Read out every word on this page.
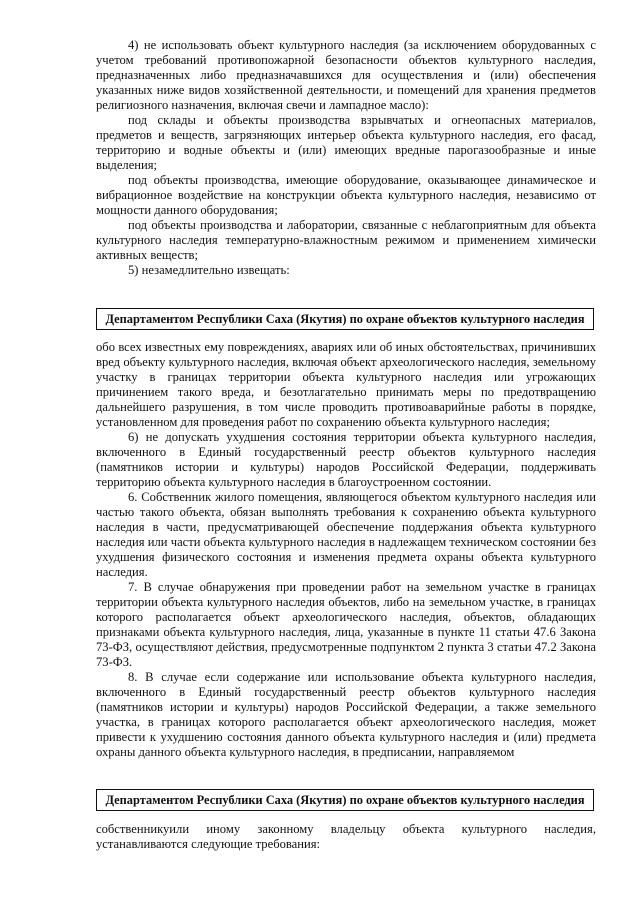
4) не использовать объект культурного наследия (за исключением оборудованных с учетом требований противопожарной безопасности объектов культурного наследия, предназначенных либо предназначавшихся для осуществления и (или) обеспечения указанных ниже видов хозяйственной деятельности, и помещений для хранения предметов религиозного назначения, включая свечи и лампадное масло):

под склады и объекты производства взрывчатых и огнеопасных материалов, предметов и веществ, загрязняющих интерьер объекта культурного наследия, его фасад, территорию и водные объекты и (или) имеющих вредные парогазообразные и иные выделения;

под объекты производства, имеющие оборудование, оказывающее динамическое и вибрационное воздействие на конструкции объекта культурного наследия, независимо от мощности данного оборудования;

под объекты производства и лаборатории, связанные с неблагоприятным для объекта культурного наследия температурно-влажностным режимом и применением химически активных веществ;

5) незамедлительно извещать:

Департаментом Республики Саха (Якутия) по охране объектов культурного наследия

обо всех известных ему повреждениях, авариях или об иных обстоятельствах, причинивших вред объекту культурного наследия, включая объект археологического наследия, земельному участку в границах территории объекта культурного наследия или угрожающих причинением такого вреда, и безотлагательно принимать меры по предотвращению дальнейшего разрушения, в том числе проводить противоаварийные работы в порядке, установленном для проведения работ по сохранению объекта культурного наследия;

6) не допускать ухудшения состояния территории объекта культурного наследия, включенного в Единый государственный реестр объектов культурного наследия (памятников истории и культуры) народов Российской Федерации, поддерживать территорию объекта культурного наследия в благоустроенном состоянии.

6. Собственник жилого помещения, являющегося объектом культурного наследия или частью такого объекта, обязан выполнять требования к сохранению объекта культурного наследия в части, предусматривающей обеспечение поддержания объекта культурного наследия или части объекта культурного наследия в надлежащем техническом состоянии без ухудшения физического состояния и изменения предмета охраны объекта культурного наследия.

7. В случае обнаружения при проведении работ на земельном участке в границах территории объекта культурного наследия объектов, либо на земельном участке, в границах которого располагается объект археологического наследия, объектов, обладающих признаками объекта культурного наследия, лица, указанные в пункте 11 статьи 47.6 Закона 73-ФЗ, осуществляют действия, предусмотренные подпунктом 2 пункта 3 статьи 47.2 Закона 73-ФЗ.

8. В случае если содержание или использование объекта культурного наследия, включенного в Единый государственный реестр объектов культурного наследия (памятников истории и культуры) народов Российской Федерации, а также земельного участка, в границах которого располагается объект археологического наследия, может привести к ухудшению состояния данного объекта культурного наследия и (или) предмета охраны данного объекта культурного наследия, в предписании, направляемом

Департаментом Республики Саха (Якутия) по охране объектов культурного наследия

собственникуили иному законному владельцу объекта культурного наследия, устанавливаются следующие требования:
